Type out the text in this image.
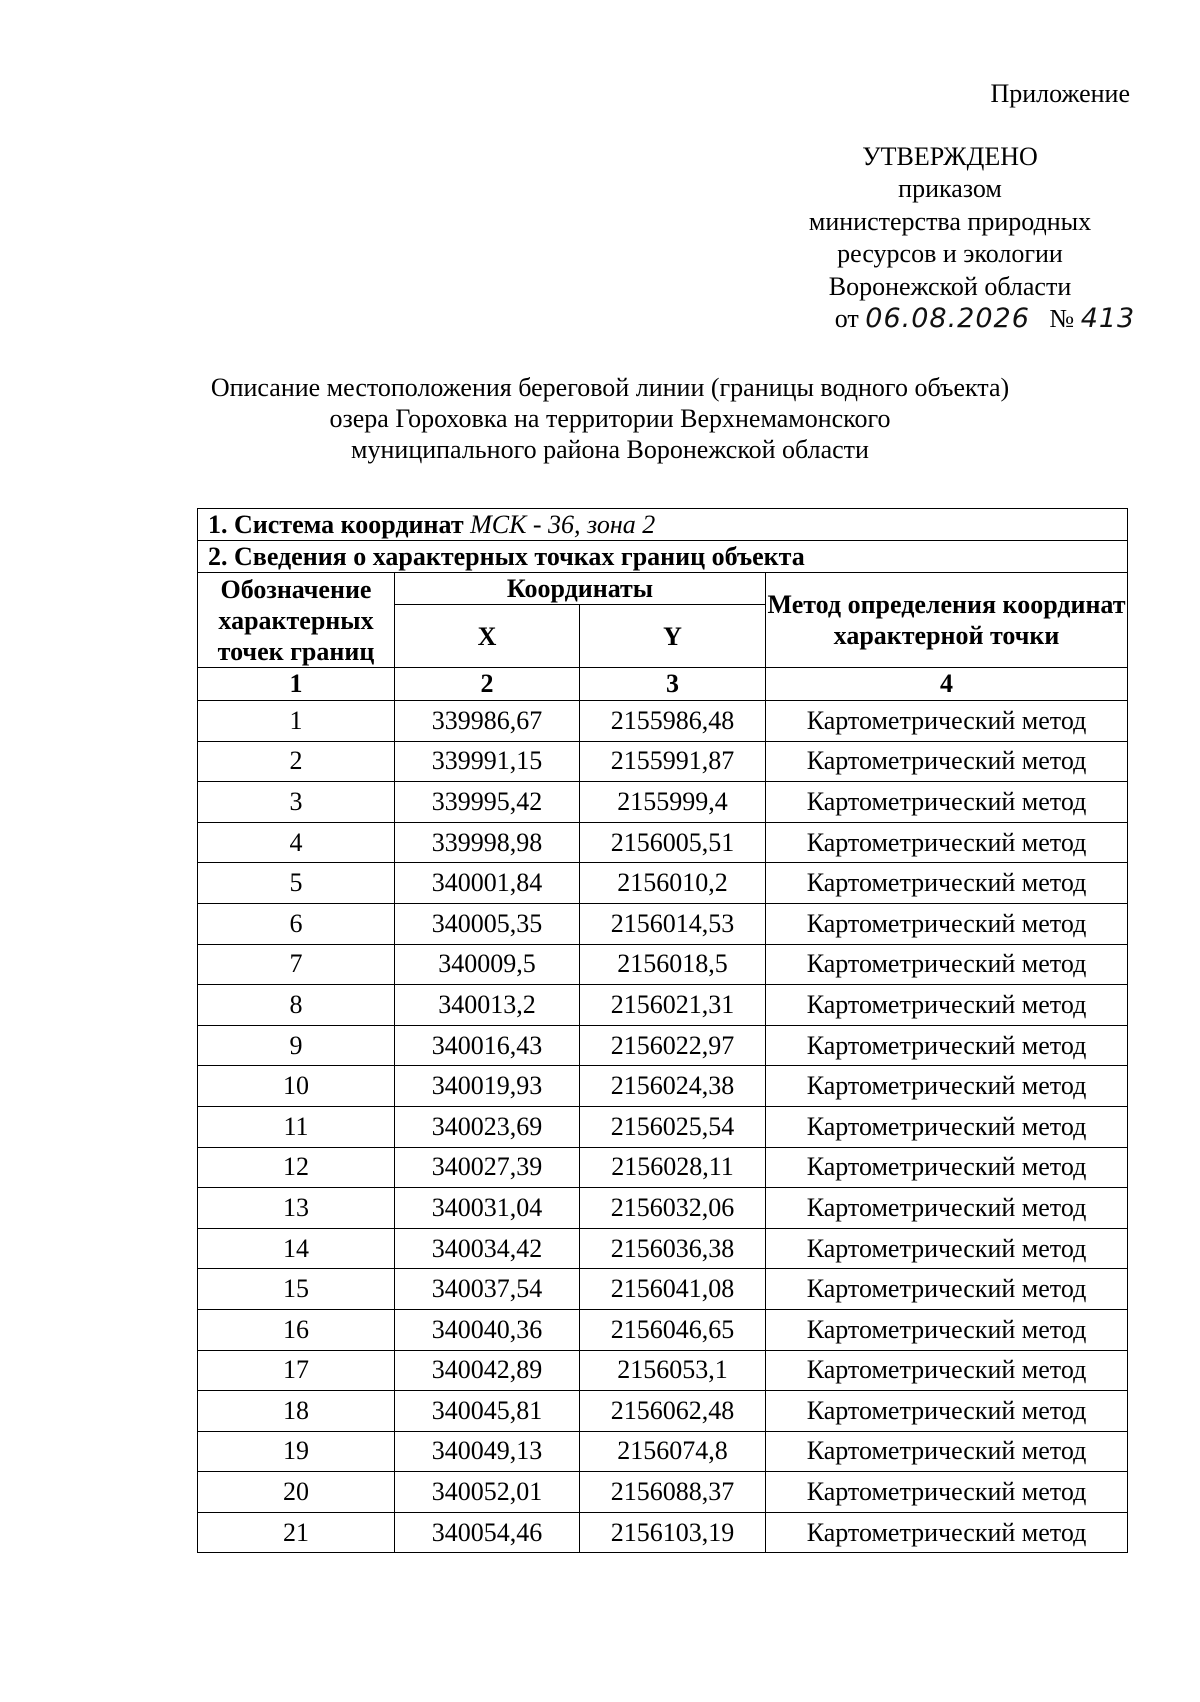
Приложение
УТВЕРЖДЕНО
приказом
министерства природных
ресурсов и экологии
Воронежской области
от 06.08.2026 № 413
Описание местоположения береговой линии (границы водного объекта)
озера Гороховка на территории Верхнемамонского
муниципального района Воронежской области
1. Система координат МСК - 36, зона 2			
2. Сведения о характерных точках границ объекта			
Обозначение характерных точек границ	Координаты		Метод определения координат характерной точки
	X	Y	
1	2	3	4
1	339986,67	2155986,48	Картометрический метод
2	339991,15	2155991,87	Картометрический метод
3	339995,42	2155999,4	Картометрический метод
4	339998,98	2156005,51	Картометрический метод
5	340001,84	2156010,2	Картометрический метод
6	340005,35	2156014,53	Картометрический метод
7	340009,5	2156018,5	Картометрический метод
8	340013,2	2156021,31	Картометрический метод
9	340016,43	2156022,97	Картометрический метод
10	340019,93	2156024,38	Картометрический метод
11	340023,69	2156025,54	Картометрический метод
12	340027,39	2156028,11	Картометрический метод
13	340031,04	2156032,06	Картометрический метод
14	340034,42	2156036,38	Картометрический метод
15	340037,54	2156041,08	Картометрический метод
16	340040,36	2156046,65	Картометрический метод
17	340042,89	2156053,1	Картометрический метод
18	340045,81	2156062,48	Картометрический метод
19	340049,13	2156074,8	Картометрический метод
20	340052,01	2156088,37	Картометрический метод
21	340054,46	2156103,19	Картометрический метод
